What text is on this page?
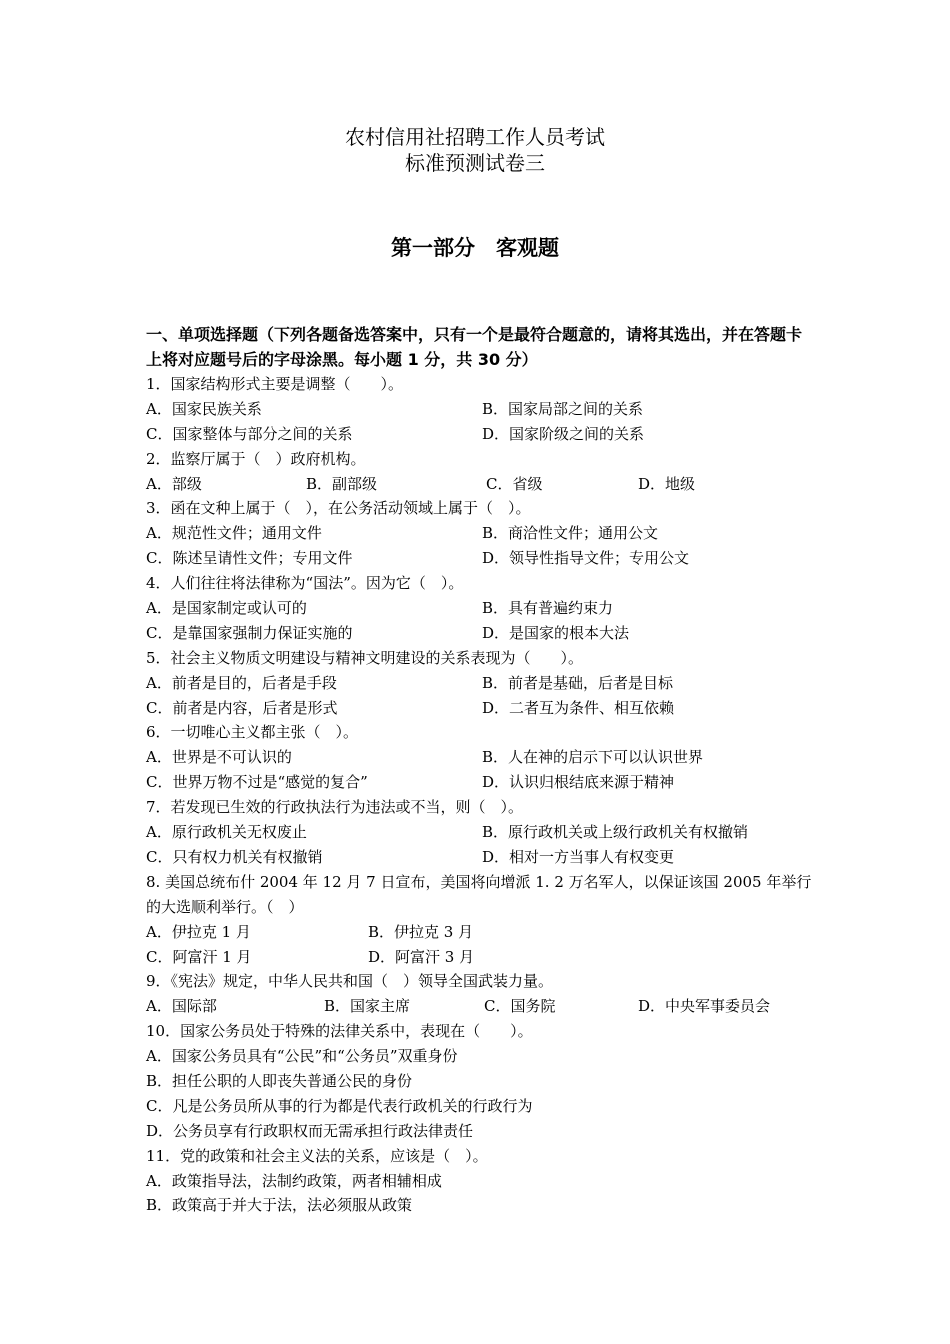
农村信用社招聘工作人员考试
标准预测试卷三
第一部分　客观题

一、单项选择题（下列各题备选答案中，只有一个是最符合题意的，请将其选出，并在答题卡上将对应题号后的字母涂黑。每小题 1 分，共 30 分）

1．国家结构形式主要是调整（　　）。
A．国家民族关系	B．国家局部之间的关系
C．国家整体与部分之间的关系	D．国家阶级之间的关系
2．监察厅属于（　）政府机构。
A．部级	B．副部级	C．省级	D．地级
3．函在文种上属于（　），在公务活动领域上属于（　）。
A．规范性文件；通用文件	B．商洽性文件；通用公文
C．陈述呈请性文件；专用文件	D．领导性指导文件；专用公文
4．人们往往将法律称为“国法”。因为它（　）。
A．是国家制定或认可的	B．具有普遍约束力
C．是靠国家强制力保证实施的	D．是国家的根本大法
5．社会主义物质文明建设与精神文明建设的关系表现为（　　）。
A．前者是目的，后者是手段	B．前者是基础，后者是目标
C．前者是内容，后者是形式	D．二者互为条件、相互依赖
6．一切唯心主义都主张（　）。
A．世界是不可认识的	B．人在神的启示下可以认识世界
C．世界万物不过是“感觉的复合”	D．认识归根结底来源于精神
7．若发现已生效的行政执法行为违法或不当，则（　）。
A．原行政机关无权废止	B．原行政机关或上级行政机关有权撤销
C．只有权力机关有权撤销	D．相对一方当事人有权变更
8. 美国总统布什 2004 年 12 月 7 日宣布，美国将向增派 1. 2 万名军人，以保证该国 2005 年举行的大选顺利举行。（　）
A．伊拉克 1 月	B．伊拉克 3 月
C．阿富汗 1 月	D．阿富汗 3 月
9．《宪法》规定，中华人民共和国（　）领导全国武装力量。
A．国际部	B．国家主席	C．国务院	D．中央军事委员会
10．国家公务员处于特殊的法律关系中，表现在（　　）。
A．国家公务员具有“公民”和“公务员”双重身份
B．担任公职的人即丧失普通公民的身份
C．凡是公务员所从事的行为都是代表行政机关的行政行为
D．公务员享有行政职权而无需承担行政法律责任
11．党的政策和社会主义法的关系，应该是（　）。
A．政策指导法，法制约政策，两者相辅相成
B．政策高于并大于法，法必须服从政策
